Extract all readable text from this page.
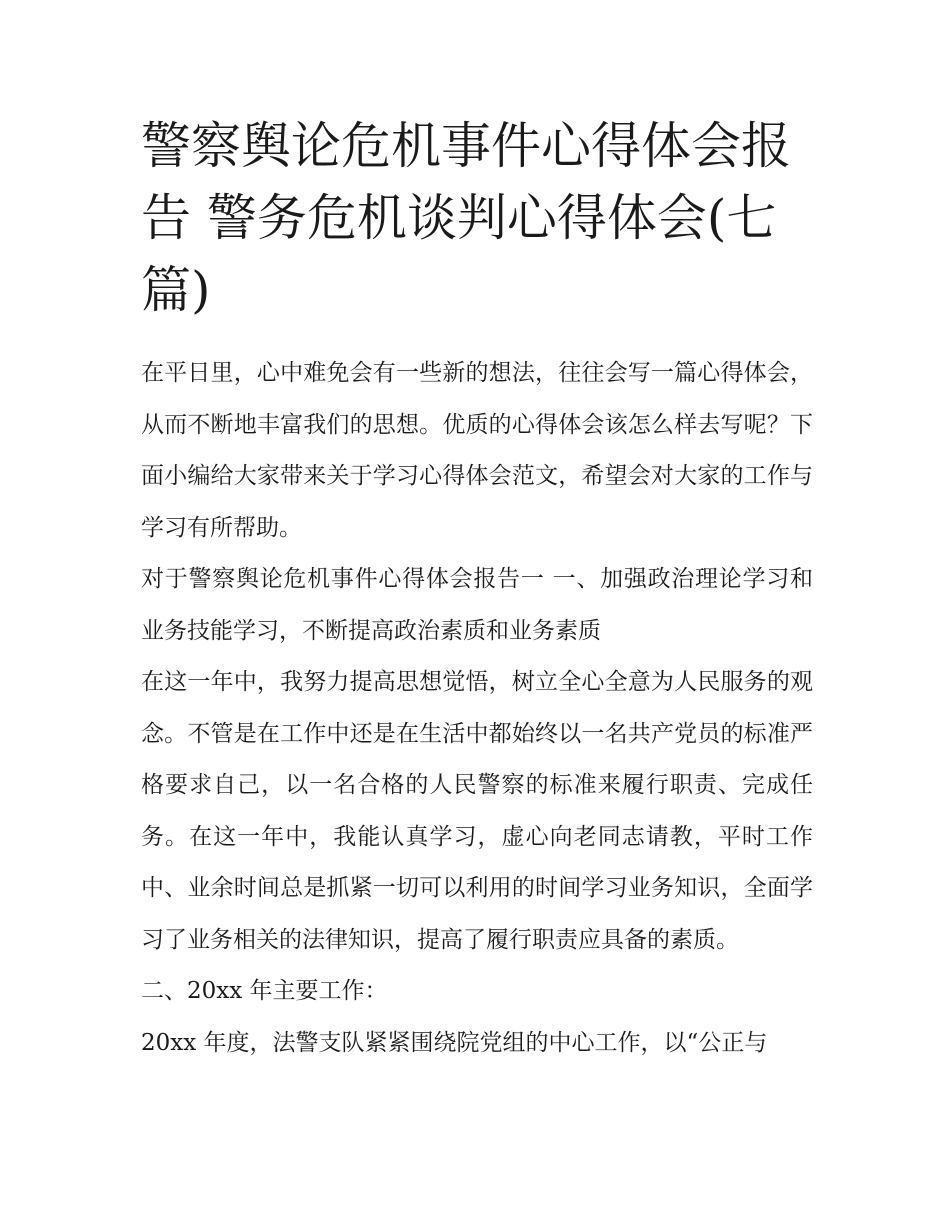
警察舆论危机事件心得体会报告 警务危机谈判心得体会(七篇)

在平日里，心中难免会有一些新的想法，往往会写一篇心得体会，从而不断地丰富我们的思想。优质的心得体会该怎么样去写呢？下面小编给大家带来关于学习心得体会范文，希望会对大家的工作与学习有所帮助。

对于警察舆论危机事件心得体会报告一 一、加强政治理论学习和业务技能学习，不断提高政治素质和业务素质

在这一年中，我努力提高思想觉悟，树立全心全意为人民服务的观念。不管是在工作中还是在生活中都始终以一名共产党员的标准严格要求自己，以一名合格的人民警察的标准来履行职责、完成任务。在这一年中，我能认真学习，虚心向老同志请教，平时工作中、业余时间总是抓紧一切可以利用的时间学习业务知识，全面学习了业务相关的法律知识，提高了履行职责应具备的素质。

二、20xx 年主要工作：

20xx 年度，法警支队紧紧围绕院党组的中心工作，以“公正与
